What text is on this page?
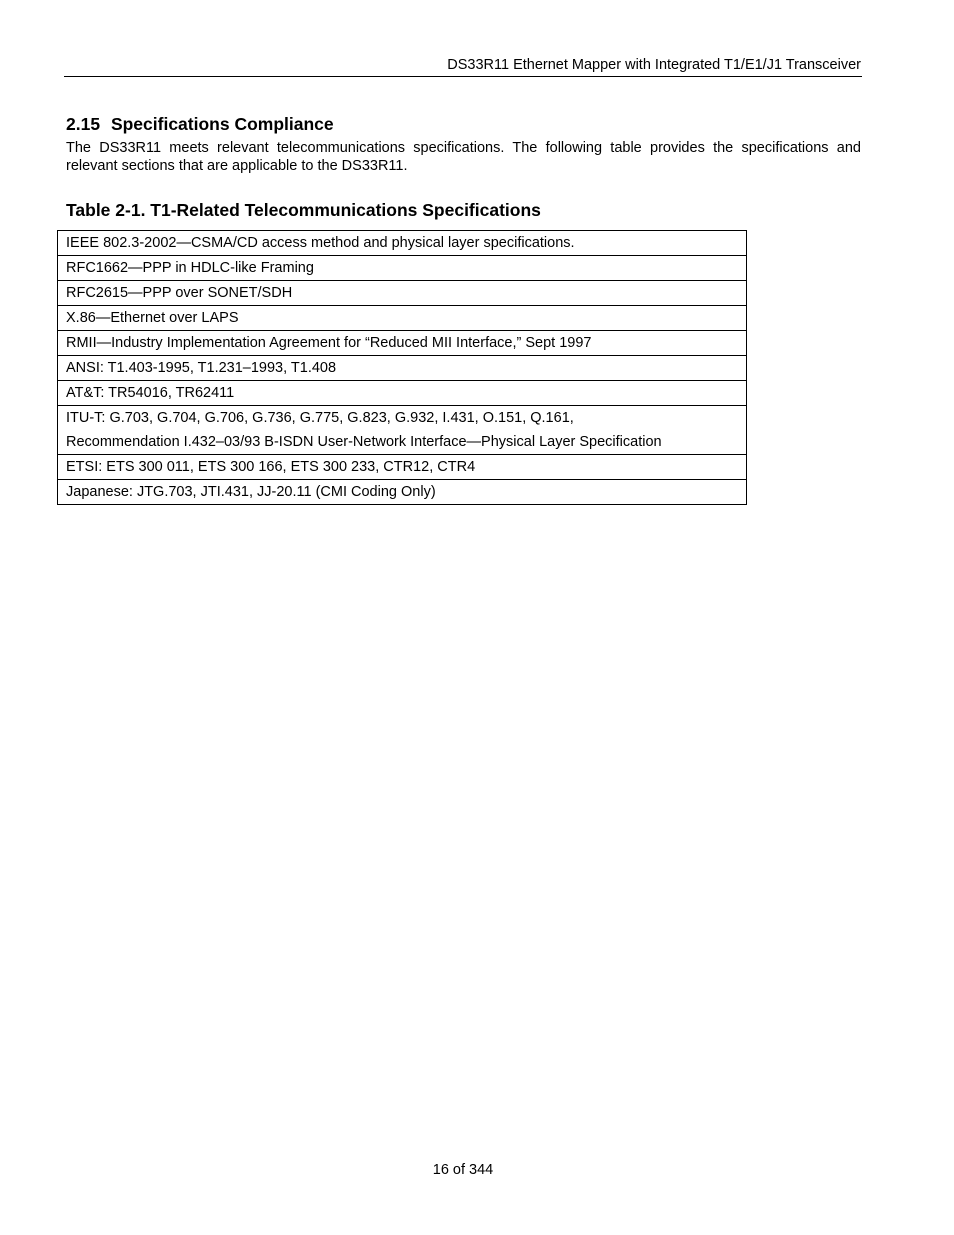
DS33R11 Ethernet Mapper with Integrated T1/E1/J1 Transceiver
2.15 Specifications Compliance
The DS33R11 meets relevant telecommunications specifications. The following table provides the specifications and relevant sections that are applicable to the DS33R11.
Table 2-1. T1-Related Telecommunications Specifications
IEEE 802.3-2002—CSMA/CD access method and physical layer specifications.

RFC1662—PPP in HDLC-like Framing

RFC2615—PPP over SONET/SDH

X.86—Ethernet over LAPS

RMII—Industry Implementation Agreement for “Reduced MII Interface,” Sept 1997

ANSI: T1.403-1995, T1.231–1993, T1.408

AT&T: TR54016, TR62411

ITU-T: G.703, G.704, G.706, G.736, G.775, G.823, G.932, I.431, O.151, Q.161,
Recommendation I.432–03/93 B-ISDN User-Network Interface—Physical Layer Specification

ETSI: ETS 300 011, ETS 300 166, ETS 300 233, CTR12, CTR4

Japanese: JTG.703, JTI.431, JJ-20.11 (CMI Coding Only)
16 of 344
